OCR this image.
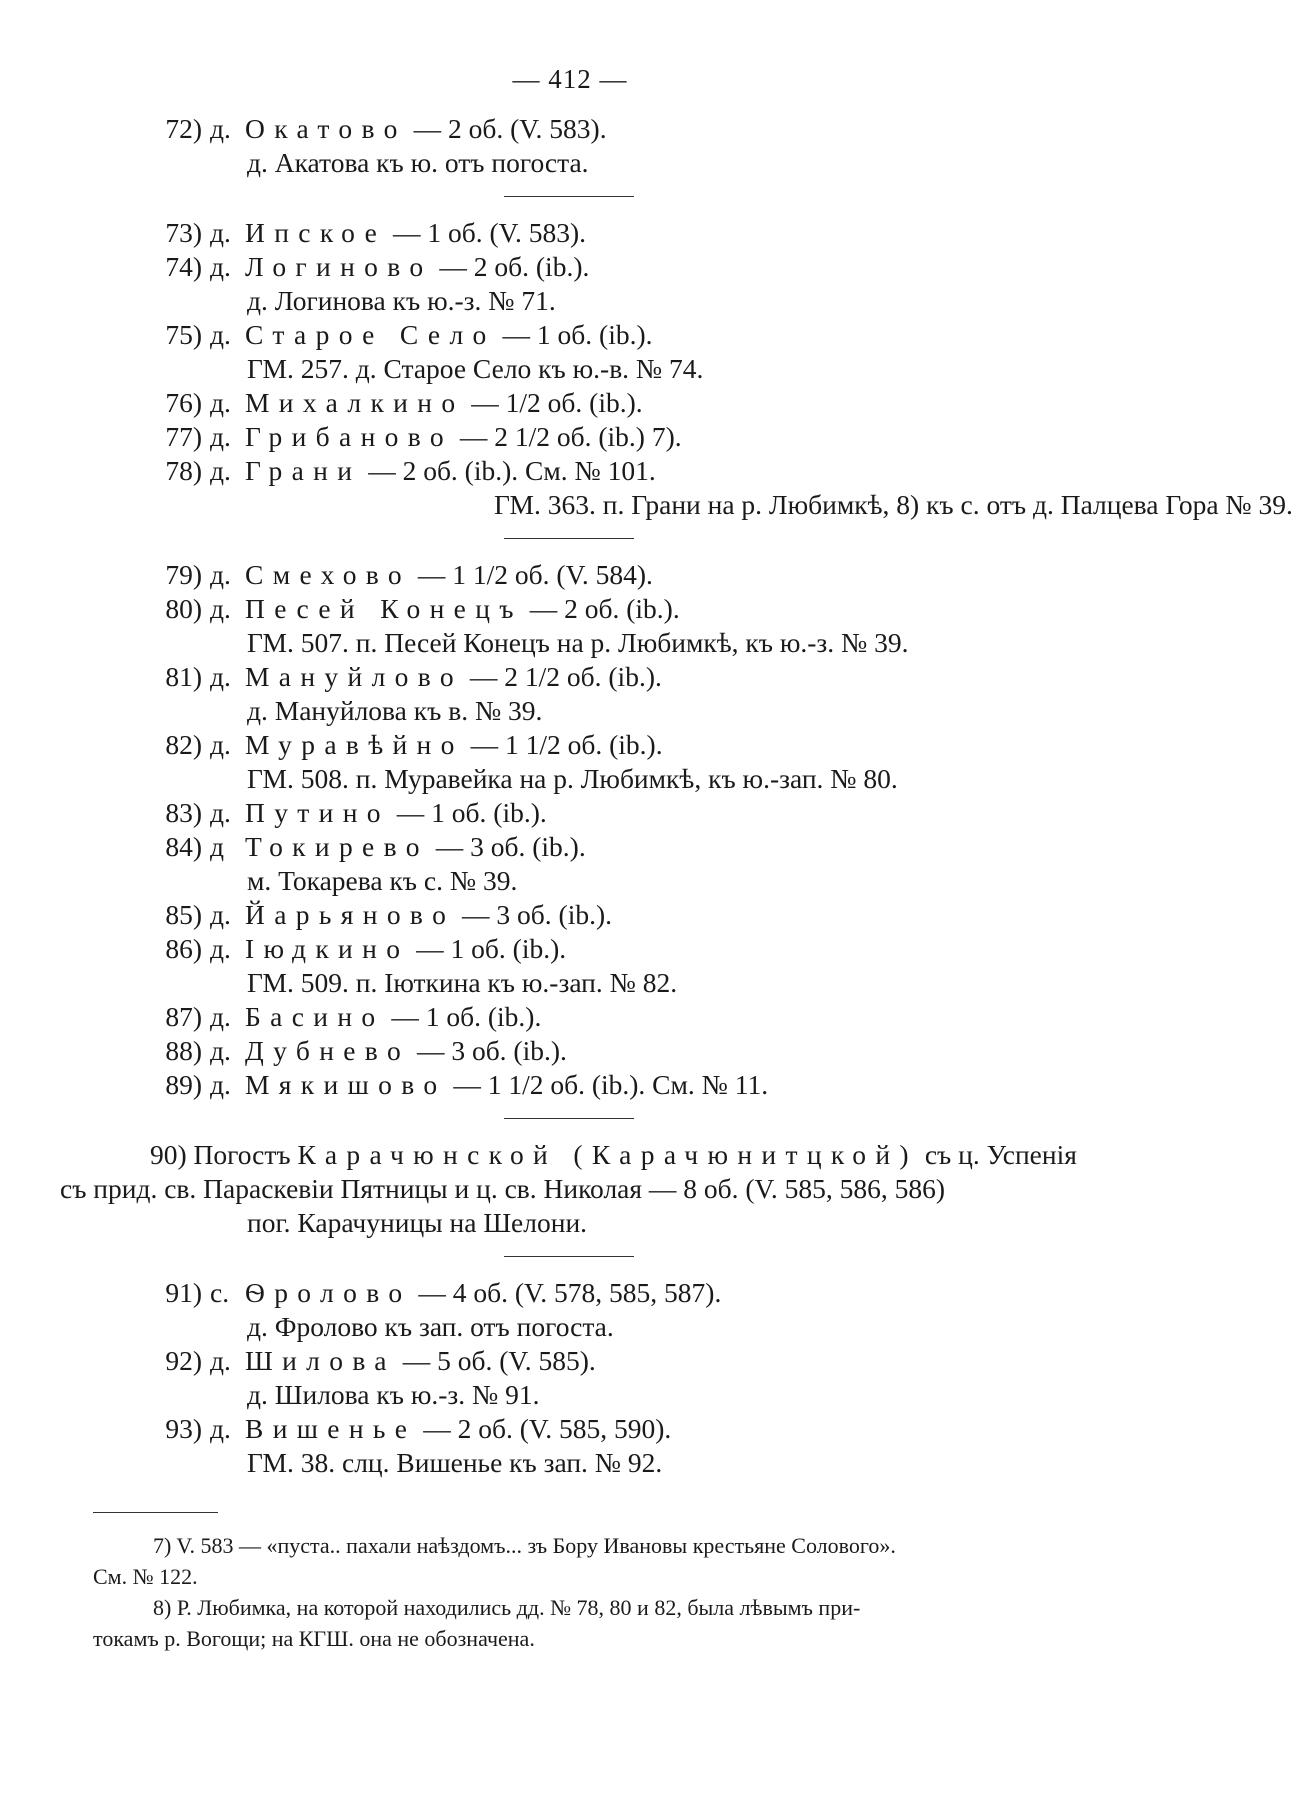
— 412 —
72) д. Окатово — 2 об. (V. 583).
д. Акатова къ ю. отъ погоста.
73) д. Ипское — 1 об. (V. 583).
74) д. Логиново — 2 об. (ib.).
д. Логинова къ ю.-з. № 71.
75) д. Старое Село — 1 об. (ib.).
ГМ. 257. д. Старое Село къ ю.-в. № 74.
76) д. Михалкино — 1/2 об. (ib.).
77) д. Грибаново — 2 1/2 об. (ib.) 7).
78) д. Грани — 2 об. (ib.). См. № 101.
ГМ. 363. п. Грани на р. Любимкѣ, 8) къ с. отъ д. Палцева Гора № 39.
79) д. Смехово — 1 1/2 об. (V. 584).
80) д. Песей Конецъ — 2 об. (ib.).
ГМ. 507. п. Песей Конецъ на р. Любимкѣ, къ ю.-з. № 39.
81) д. Мануйлово — 2 1/2 об. (ib.).
д. Мануйлова къ в. № 39.
82) д. Муравѣйно — 1 1/2 об. (ib.).
ГМ. 508. п. Муравейка на р. Любимкѣ, къ ю.-зап. № 80.
83) д. Путино — 1 об. (ib.).
84) д Токирево — 3 об. (ib.).
м. Токарева къ с. № 39.
85) д. Йарьяново — 3 об. (ib.).
86) д. Іюдкино — 1 об. (ib.).
ГМ. 509. п. Іюткина къ ю.-зап. № 82.
87) д. Басино — 1 об. (ib.).
88) д. Дубнево — 3 об. (ib.).
89) д. Мякишово — 1 1/2 об. (ib.). См. № 11.
90) Погостъ Карачюнской (Карачюнитцкой) съ ц. Успенія
съ прид. св. Параскевіи Пятницы и ц. св. Николая — 8 об. (V. 585, 586, 586)
пог. Карачуницы на Шелони.
91) с. Ѳролово — 4 об. (V. 578, 585, 587).
д. Фролово къ зап. отъ погоста.
92) д. Шилова — 5 об. (V. 585).
д. Шилова къ ю.-з. № 91.
93) д. Вишенье — 2 об. (V. 585, 590).
ГМ. 38. слц. Вишенье къ зап. № 92.
7) V. 583 — «пуста.. пахали наѣздомъ... зъ Бору Ивановы крестьяне Солового».
См. № 122.
8) Р. Любимка, на которой находились дд. № 78, 80 и 82, была лѣвымъ при-
токамъ р. Вогощи; на КГШ. она не обозначена.
